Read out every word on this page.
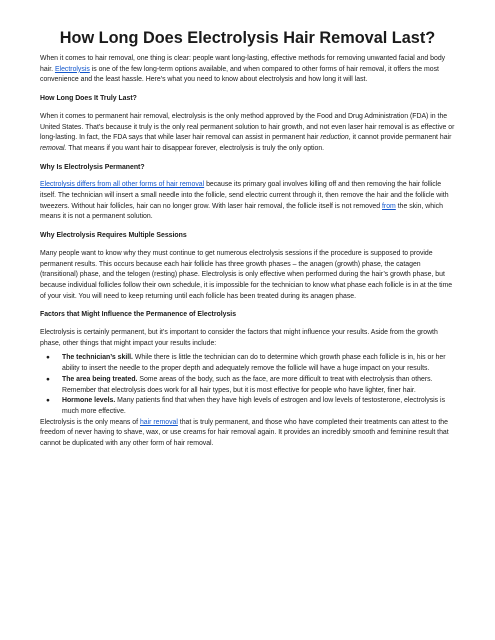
How Long Does Electrolysis Hair Removal Last?

When it comes to hair removal, one thing is clear: people want long-lasting, effective methods for removing unwanted facial and body hair. Electrolysis is one of the few long-term options available, and when compared to other forms of hair removal, it offers the most convenience and the least hassle. Here’s what you need to know about electrolysis and how long it will last.

How Long Does It Truly Last?

When it comes to permanent hair removal, electrolysis is the only method approved by the Food and Drug Administration (FDA) in the United States. That’s because it truly is the only real permanent solution to hair growth, and not even laser hair removal is as effective or long-lasting. In fact, the FDA says that while laser hair removal can assist in permanent hair reduction, it cannot provide permanent hair removal. That means if you want hair to disappear forever, electrolysis is truly the only option.

Why Is Electrolysis Permanent?

Electrolysis differs from all other forms of hair removal because its primary goal involves killing off and then removing the hair follicle itself. The technician will insert a small needle into the follicle, send electric current through it, then remove the hair and the follicle with tweezers. Without hair follicles, hair can no longer grow. With laser hair removal, the follicle itself is not removed from the skin, which means it is not a permanent solution.

Why Electrolysis Requires Multiple Sessions

Many people want to know why they must continue to get numerous electrolysis sessions if the procedure is supposed to provide permanent results. This occurs because each hair follicle has three growth phases – the anagen (growth) phase, the catagen (transitional) phase, and the telogen (resting) phase. Electrolysis is only effective when performed during the hair’s growth phase, but because individual follicles follow their own schedule, it is impossible for the technician to know what phase each follicle is in at the time of your visit. You will need to keep returning until each follicle has been treated during its anagen phase.

Factors that Might Influence the Permanence of Electrolysis

Electrolysis is certainly permanent, but it’s important to consider the factors that might influence your results. Aside from the growth phase, other things that might impact your results include:

● The technician’s skill. While there is little the technician can do to determine which growth phase each follicle is in, his or her ability to insert the needle to the proper depth and adequately remove the follicle will have a huge impact on your results.
● The area being treated. Some areas of the body, such as the face, are more difficult to treat with electrolysis than others. Remember that electrolysis does work for all hair types, but it is most effective for people who have lighter, finer hair.
● Hormone levels. Many patients find that when they have high levels of estrogen and low levels of testosterone, electrolysis is much more effective.

Electrolysis is the only means of hair removal that is truly permanent, and those who have completed their treatments can attest to the freedom of never having to shave, wax, or use creams for hair removal again. It provides an incredibly smooth and feminine result that cannot be duplicated with any other form of hair removal.
